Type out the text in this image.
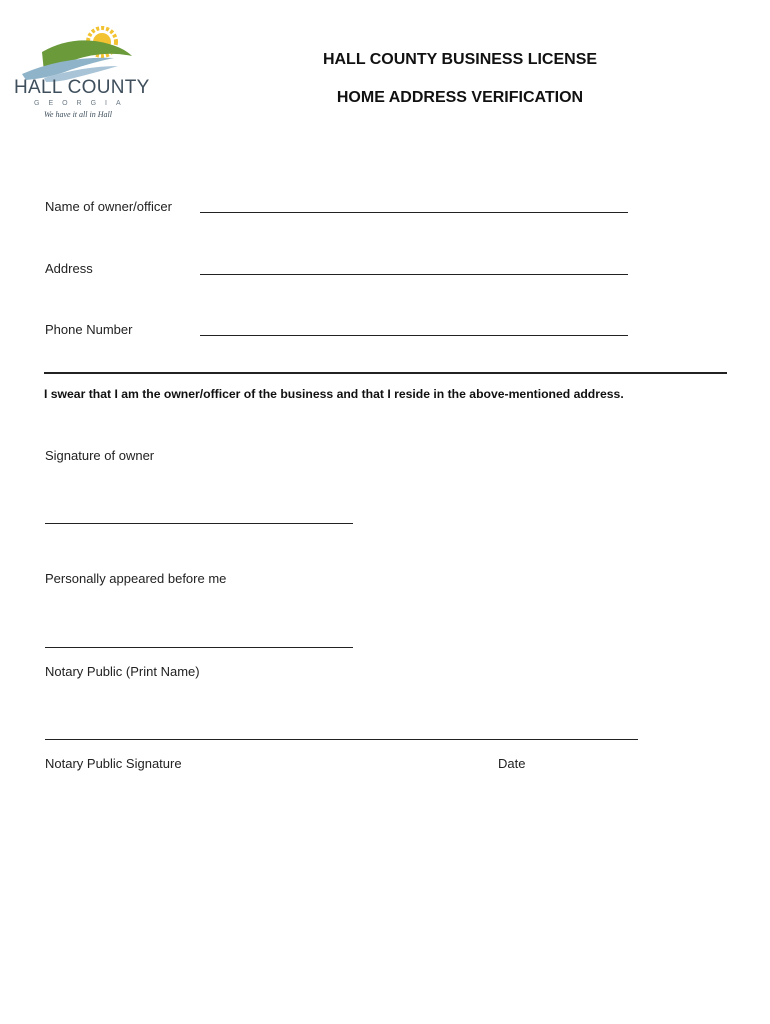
HALL COUNTY
GEORGIA
We have it all in Hall
HALL COUNTY BUSINESS LICENSE
HOME ADDRESS VERIFICATION
Name of owner/officer
Address
Phone Number
I swear that I am the owner/officer of the business and that I reside in the above-mentioned address.
Signature of owner
Personally appeared before me
Notary Public (Print Name)
Notary Public Signature	Date
